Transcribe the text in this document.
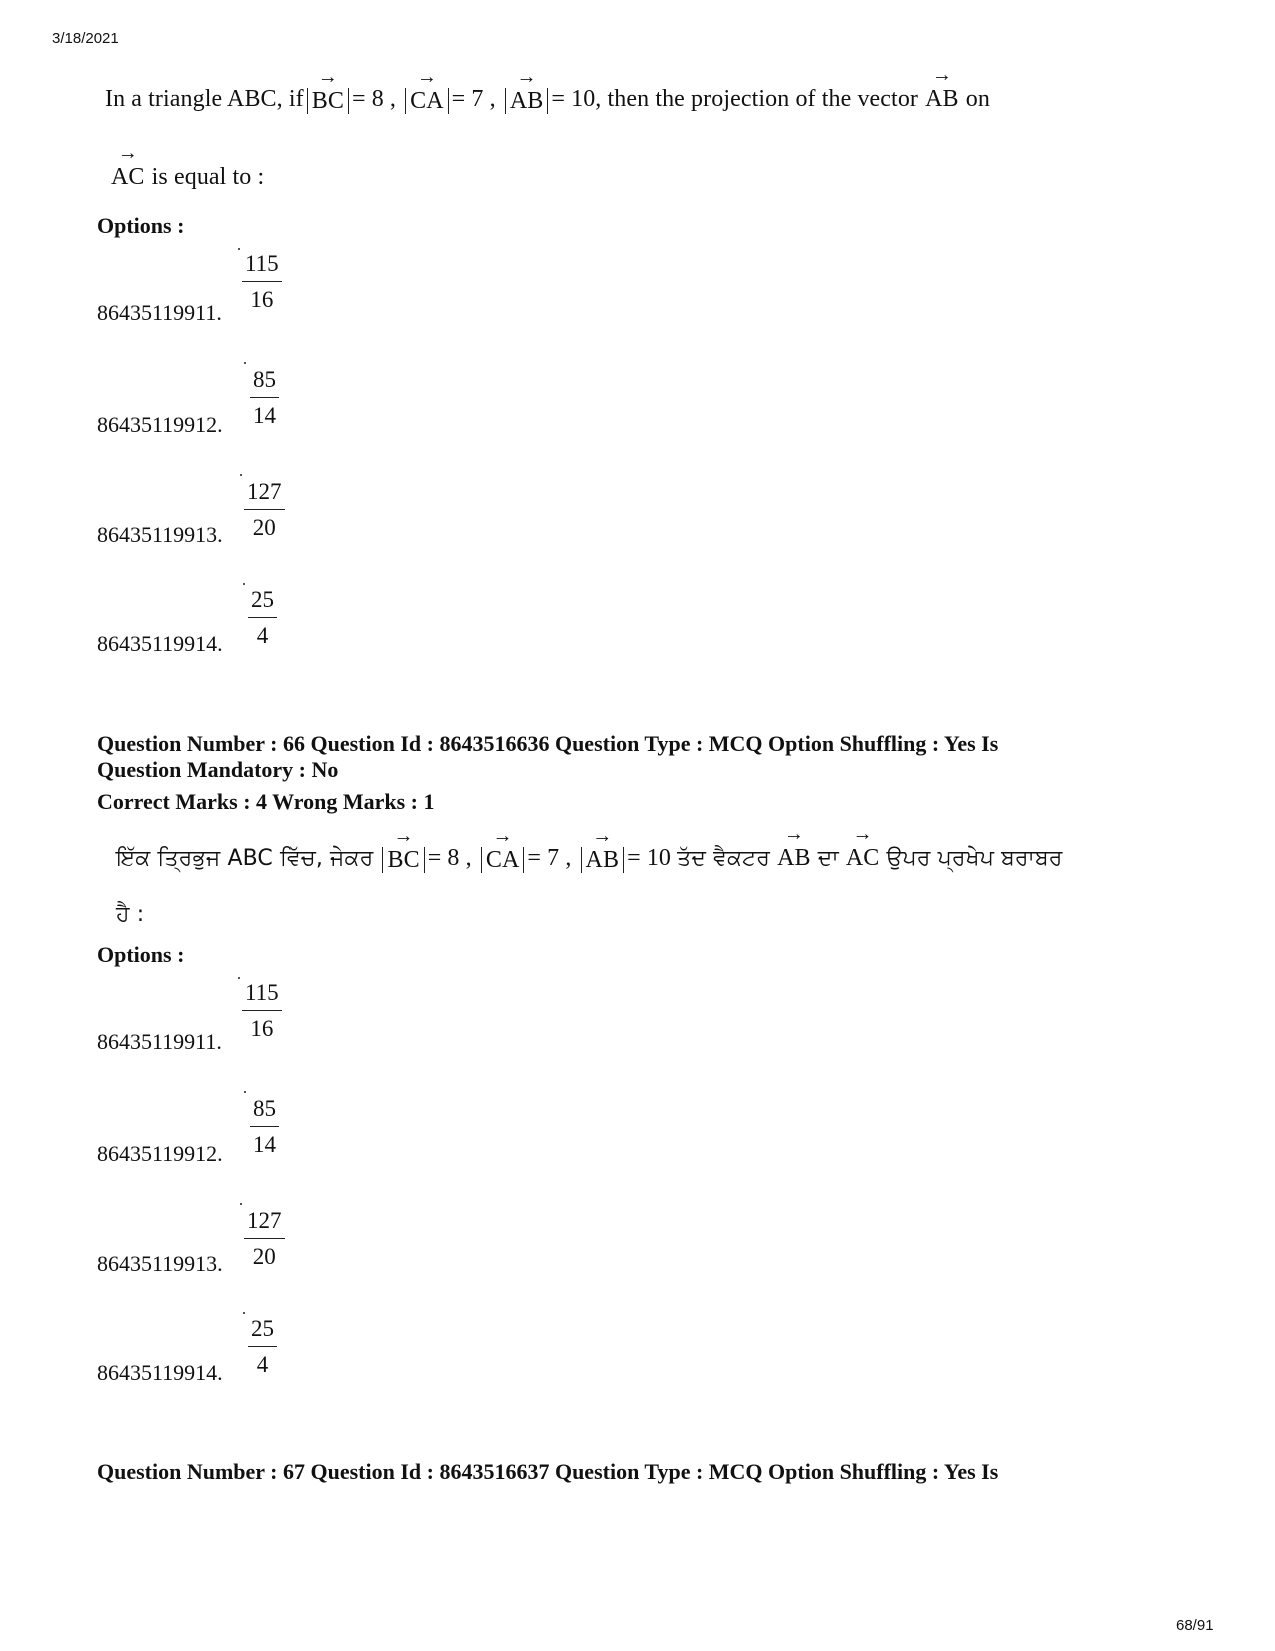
3/18/2021
In a triangle ABC, if
→
BC = 8 ,
→
CA = 7 ,
→
AB = 10, then the projection of the vector
→
AB on
→
AC is equal to :
Options :
$\frac{115}{16}$
86435119911.
$\frac{85}{14}$
86435119912.
$\frac{127}{20}$
86435119913.
$\frac{25}{4}$
86435119914.
Question Number : 66 Question Id : 8643516636 Question Type : MCQ Option Shuffling : Yes Is
Question Mandatory : No
Correct Marks : 4 Wrong Marks : 1
ਇੱਕ ਤ੍ਰਿਭੁਜ ABC ਵਿੱਚ, ਜੇਕਰ
→
BC = 8 ,
→
CA = 7 ,
→
AB = 10 ਤੱਦ ਵੈਕਟਰ
→
AB ਦਾ
→
AC ਉਪਰ ਪ੍ਰਖੇਪ ਬਰਾਬਰ
ਹੈ :
Options :
$\frac{115}{16}$
86435119911.
$\frac{85}{14}$
86435119912.
$\frac{127}{20}$
86435119913.
$\frac{25}{4}$
86435119914.
Question Number : 67 Question Id : 8643516637 Question Type : MCQ Option Shuffling : Yes Is
68/91
